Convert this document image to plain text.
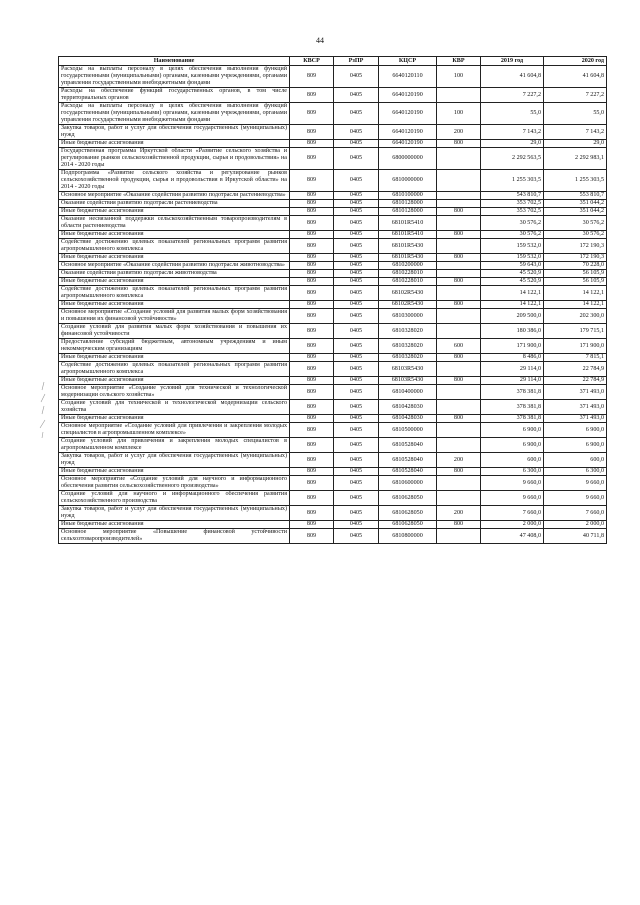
44
Наименование	КВСР	РзПР	КЦСР	КВР	2019 год	2020 год
Расходы на выплаты персоналу в целях обеспечения выполнения функций государственными (муниципальными) органами, казенными учреждениями, органами управления государственными внебюджетными фондами	809	0405	6640120110	100	41 604,8	41 604,8
Расходы на обеспечение функций государственных органов, в том числе территориальных органов	809	0405	6640120190		7 227,2	7 227,2
Расходы на выплаты персоналу в целях обеспечения выполнения функций государственными (муниципальными) органами, казенными учреждениями, органами управления государственными внебюджетными фондами	809	0405	6640120190	100	55,0	55,0
Закупка товаров, работ и услуг для обеспечения государственных (муниципальных) нужд	809	0405	6640120190	200	7 143,2	7 143,2
Иные бюджетные ассигнования	809	0405	6640120190	800	29,0	29,0
Государственная программа Иркутской области «Развитие сельского хозяйства и регулирование рынков сельскохозяйственной продукции, сырья и продовольствия» на 2014 - 2020 годы	809	0405	6800000000		2 292 563,5	2 292 983,1
Подпрограмма «Развитие сельского хозяйства и регулирование рынков сельскохозяйственной продукции, сырья и продовольствия в Иркутской области» на 2014 - 2020 годы	809	0405	6810000000		1 255 303,5	1 255 303,5
Основное мероприятие «Оказание содействия развитию подотрасли растениеводства»	809	0405	6810100000		543 810,7	553 810,7
Оказание содействия развитию подотрасли растениеводства	809	0405	6810128000		353 702,5	351 044,2
Иные бюджетные ассигнования	809	0405	6810128000	800	353 702,5	351 044,2
Оказание несвязанной поддержки сельскохозяйственным товаропроизводителям в области растениеводства	809	0405	68101R5410		30 576,2	30 576,2
Иные бюджетные ассигнования	809	0405	68101R5410	800	30 576,2	30 576,2
Содействие достижению целевых показателей региональных программ развития агропромышленного комплекса	809	0405	68101R5430		159 532,0	172 190,3
Иные бюджетные ассигнования	809	0405	68101R5430	800	159 532,0	172 190,3
Основное мероприятие «Оказание содействия развитию подотрасли животноводства»	809	0405	6810200000		59 643,0	70 228,0
Оказание содействия развитию подотрасли животноводства	809	0405	6810228010		45 520,9	56 105,9
Иные бюджетные ассигнования	809	0405	6810228010	800	45 520,9	56 105,9
Содействие достижению целевых показателей региональных программ развития агропромышленного комплекса	809	0405	68102R5430		14 122,1	14 122,1
Иные бюджетные ассигнования	809	0405	68102R5430	800	14 122,1	14 122,1
Основное мероприятие «Создание условий для развития малых форм хозяйствования и повышения их финансовой устойчивости»	809	0405	6810300000		209 500,0	202 300,0
Создание условий для развития малых форм хозяйствования и повышения их финансовой устойчивости	809	0405	6810328020		180 386,0	179 715,1
Предоставление субсидий бюджетным, автономным учреждениям и иным некоммерческим организациям	809	0405	6810328020	600	171 900,0	171 900,0
Иные бюджетные ассигнования	809	0405	6810328020	800	8 486,0	7 815,1
Содействие достижению целевых показателей региональных программ развития агропромышленного комплекса	809	0405	68103R5430		29 114,0	22 784,9
Иные бюджетные ассигнования	809	0405	68103R5430	800	29 114,0	22 784,9
Основное мероприятие «Создание условий для технической и технологической модернизации сельского хозяйства»	809	0405	6810400000		378 381,8	371 493,0
Создание условий для технической и технологической модернизации сельского хозяйства	809	0405	6810428030		378 381,8	371 493,0
Иные бюджетные ассигнования	809	0405	6810428030	800	378 381,8	371 493,0
Основное мероприятие «Создание условий для привлечения и закрепления молодых специалистов в агропромышленном комплексе»	809	0405	6810500000		6 900,0	6 900,0
Создание условий для привлечения и закрепления молодых специалистов в агропромышленном комплексе	809	0405	6810528040		6 900,0	6 900,0
Закупка товаров, работ и услуг для обеспечения государственных (муниципальных) нужд	809	0405	6810528040	200	600,0	600,0
Иные бюджетные ассигнования	809	0405	6810528040	800	6 300,0	6 300,0
Основное мероприятие «Создание условий для научного и информационного обеспечения развития сельскохозяйственного производства»	809	0405	6810600000		9 660,0	9 660,0
Создание условий для научного и информационного обеспечения развития сельскохозяйственного производства	809	0405	6810628050		9 660,0	9 660,0
Закупка товаров, работ и услуг для обеспечения государственных (муниципальных) нужд	809	0405	6810628050	200	7 660,0	7 660,0
Иные бюджетные ассигнования	809	0405	6810628050	800	2 000,0	2 000,0
Основное мероприятие «Повышение финансовой устойчивости сельхозтоваропроизводителей»	809	0405	6810800000		47 408,0	40 711,8
